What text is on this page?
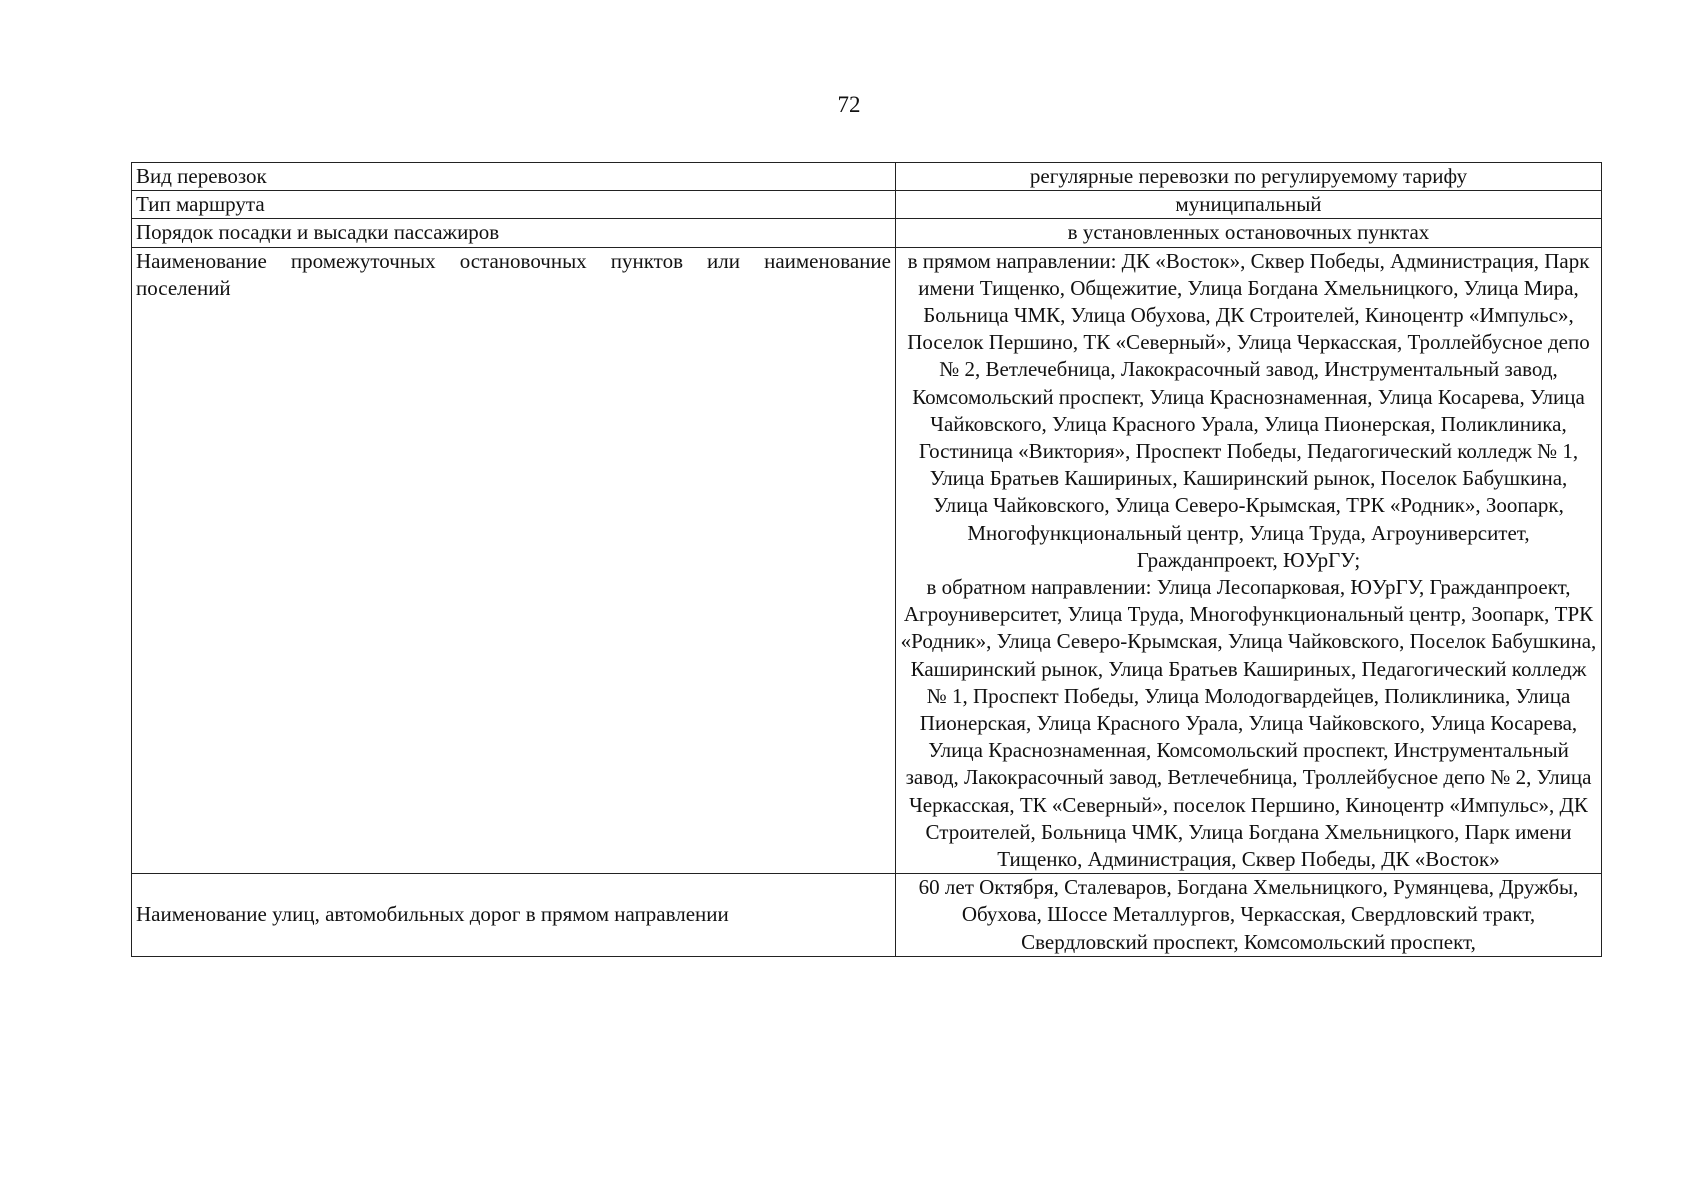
72
Вид перевозок	регулярные перевозки по регулируемому тарифу
Тип маршрута	муниципальный
Порядок посадки и высадки пассажиров	в установленных остановочных пунктах
Наименование промежуточных остановочных пунктов или наименование поселений	в прямом направлении: ДК «Восток», Сквер Победы, Администрация, Парк имени Тищенко, Общежитие, Улица Богдана Хмельницкого, Улица Мира, Больница ЧМК, Улица Обухова, ДК Строителей, Киноцентр «Импульс», Поселок Першино, ТК «Северный», Улица Черкасская, Троллейбусное депо № 2, Ветлечебница, Лакокрасочный завод, Инструментальный завод, Комсомольский проспект, Улица Краснознаменная, Улица Косарева, Улица Чайковского, Улица Красного Урала, Улица Пионерская, Поликлиника, Гостиница «Виктория», Проспект Победы, Педагогический колледж № 1, Улица Братьев Кашириных, Каширинский рынок, Поселок Бабушкина, Улица Чайковского, Улица Северо-Крымская, ТРК «Родник», Зоопарк, Многофункциональный центр, Улица Труда, Агроуниверситет, Гражданпроект, ЮУрГУ;
в обратном направлении: Улица Лесопарковая, ЮУрГУ, Гражданпроект, Агроуниверситет, Улица Труда, Многофункциональный центр, Зоопарк, ТРК «Родник», Улица Северо-Крымская, Улица Чайковского, Поселок Бабушкина, Каширинский рынок, Улица Братьев Кашириных, Педагогический колледж № 1, Проспект Победы, Улица Молодогвардейцев, Поликлиника, Улица Пионерская, Улица Красного Урала, Улица Чайковского, Улица Косарева, Улица Краснознаменная, Комсомольский проспект, Инструментальный завод, Лакокрасочный завод, Ветлечебница, Троллейбусное депо № 2, Улица Черкасская, ТК «Северный», поселок Першино, Киноцентр «Импульс», ДК Строителей, Больница ЧМК, Улица Богдана Хмельницкого, Парк имени Тищенко, Администрация, Сквер Победы, ДК «Восток»

Наименование улиц, автомобильных дорог в прямом направлении	60 лет Октября, Сталеваров, Богдана Хмельницкого, Румянцева, Дружбы, Обухова, Шоссе Металлургов, Черкасская, Свердловский тракт, Свердловский проспект, Комсомольский проспект,
